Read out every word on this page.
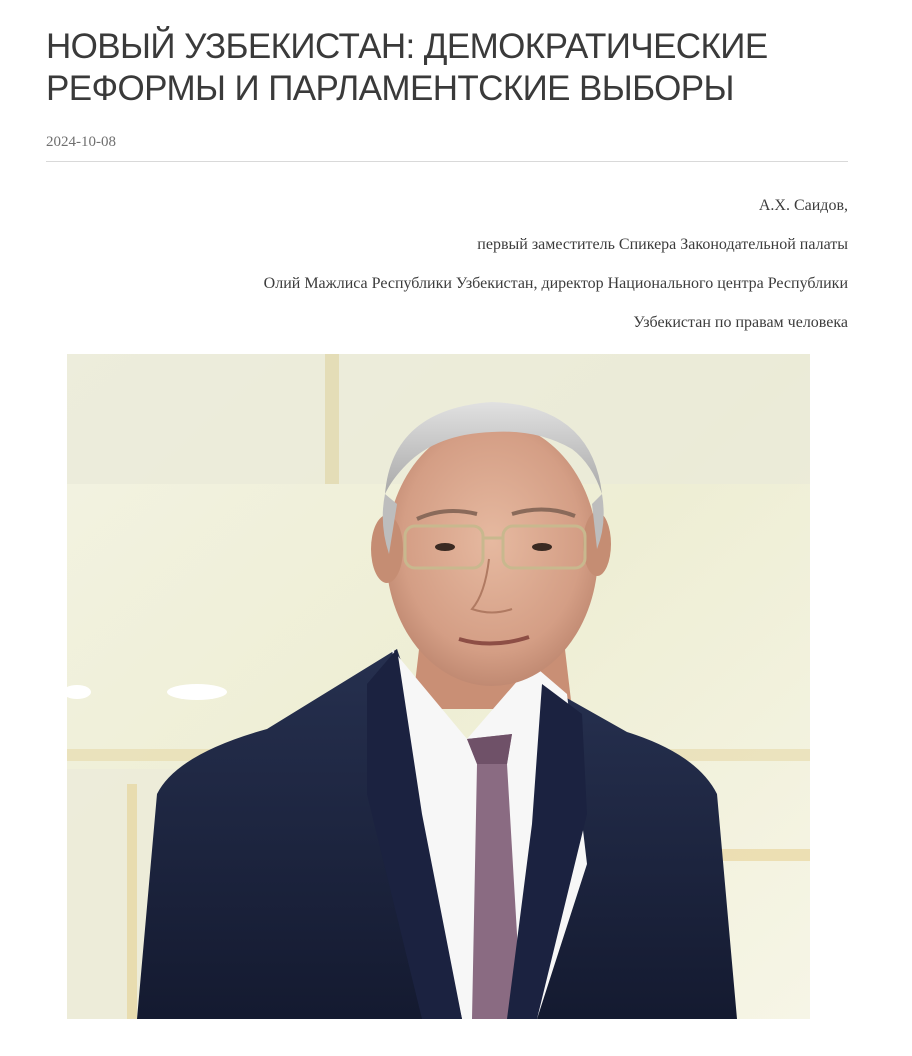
НОВЫЙ УЗБЕКИСТАН: ДЕМОКРАТИЧЕСКИЕ
РЕФОРМЫ И ПАРЛАМЕНТСКИЕ ВЫБОРЫ
2024-10-08
А.Х. Саидов,
первый заместитель Спикера Законодательной палаты
Олий Мажлиса Республики Узбекистан, директор Национального центра Республики
Узбекистан по правам человека
